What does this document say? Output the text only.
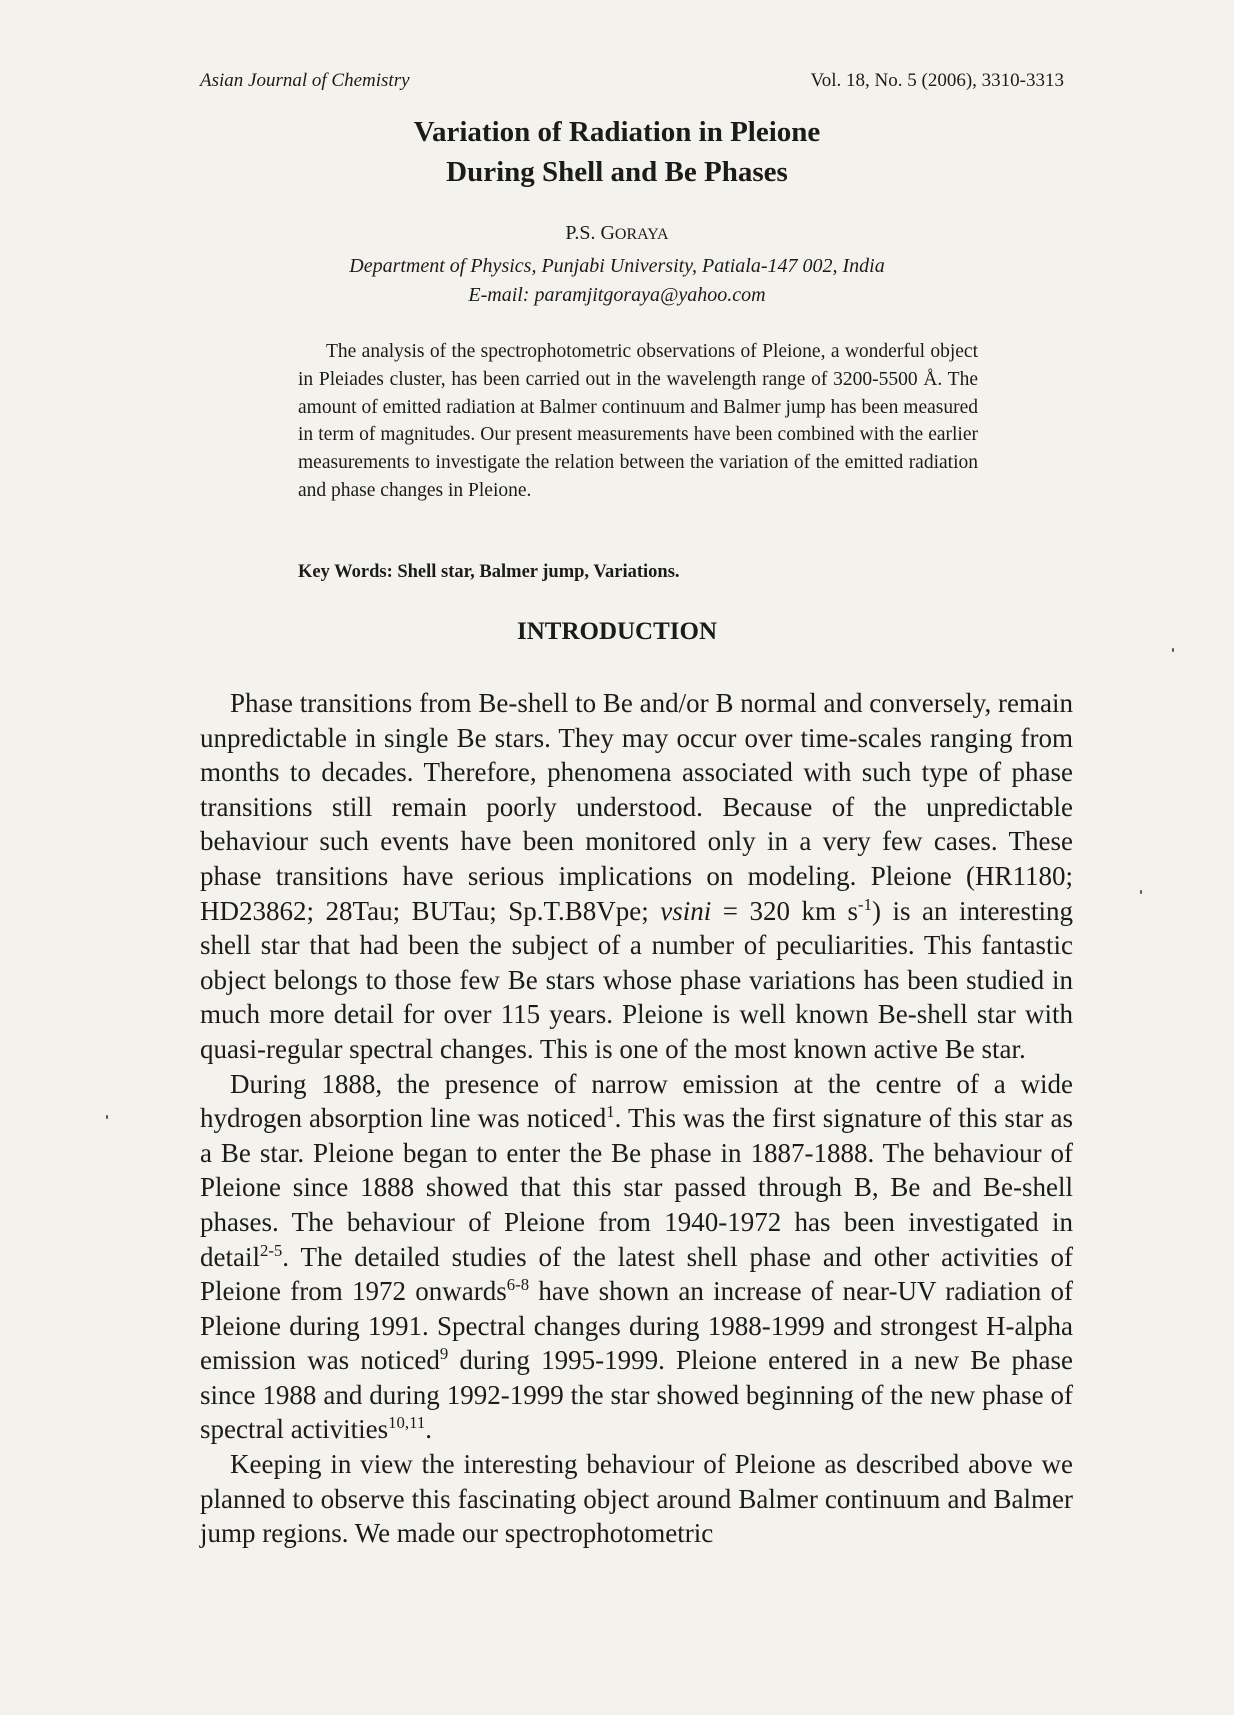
Asian Journal of Chemistry	Vol. 18, No. 5 (2006), 3310-3313
Variation of Radiation in Pleione
During Shell and Be Phases
P.S. GORAYA
Department of Physics, Punjabi University, Patiala-147 002, India
E-mail: paramjitgoraya@yahoo.com
The analysis of the spectrophotometric observations of Pleione, a wonderful object in Pleiades cluster, has been carried out in the wavelength range of 3200-5500 Å. The amount of emitted radiation at Balmer continuum and Balmer jump has been measured in term of magnitudes. Our present measurements have been combined with the earlier measurements to investigate the relation between the variation of the emitted radiation and phase changes in Pleione.
Key Words: Shell star, Balmer jump, Variations.
INTRODUCTION

Phase transitions from Be-shell to Be and/or B normal and conversely, remain unpredictable in single Be stars. They may occur over time-scales ranging from months to decades. Therefore, phenomena associated with such type of phase transitions still remain poorly understood. Because of the unpredictable behaviour such events have been monitored only in a very few cases. These phase transitions have serious implications on modeling. Pleione (HR1180; HD23862; 28Tau; BUTau; Sp.T.B8Vpe; vsini = 320 km $s^{-1}$) is an interesting shell star that had been the subject of a number of peculiarities. This fantastic object belongs to those few Be stars whose phase variations has been studied in much more detail for over 115 years. Pleione is well known Be-shell star with quasi-regular spectral changes. This is one of the most known active Be star.

During 1888, the presence of narrow emission at the centre of a wide hydrogen absorption line was noticed$^1$. This was the first signature of this star as a Be star. Pleione began to enter the Be phase in 1887-1888. The behaviour of Pleione since 1888 showed that this star passed through B, Be and Be-shell phases. The behaviour of Pleione from 1940-1972 has been investigated in detail$^{2-5}$. The detailed studies of the latest shell phase and other activities of Pleione from 1972 onwards$^{6-8}$ have shown an increase of near-UV radiation of Pleione during 1991. Spectral changes during 1988-1999 and strongest H-alpha emission was noticed$^9$ during 1995-1999. Pleione entered in a new Be phase since 1988 and during 1992-1999 the star showed beginning of the new phase of spectral activities$^{10,11}$.

Keeping in view the interesting behaviour of Pleione as described above we planned to observe this fascinating object around Balmer continuum and Balmer jump regions. We made our spectrophotometric
